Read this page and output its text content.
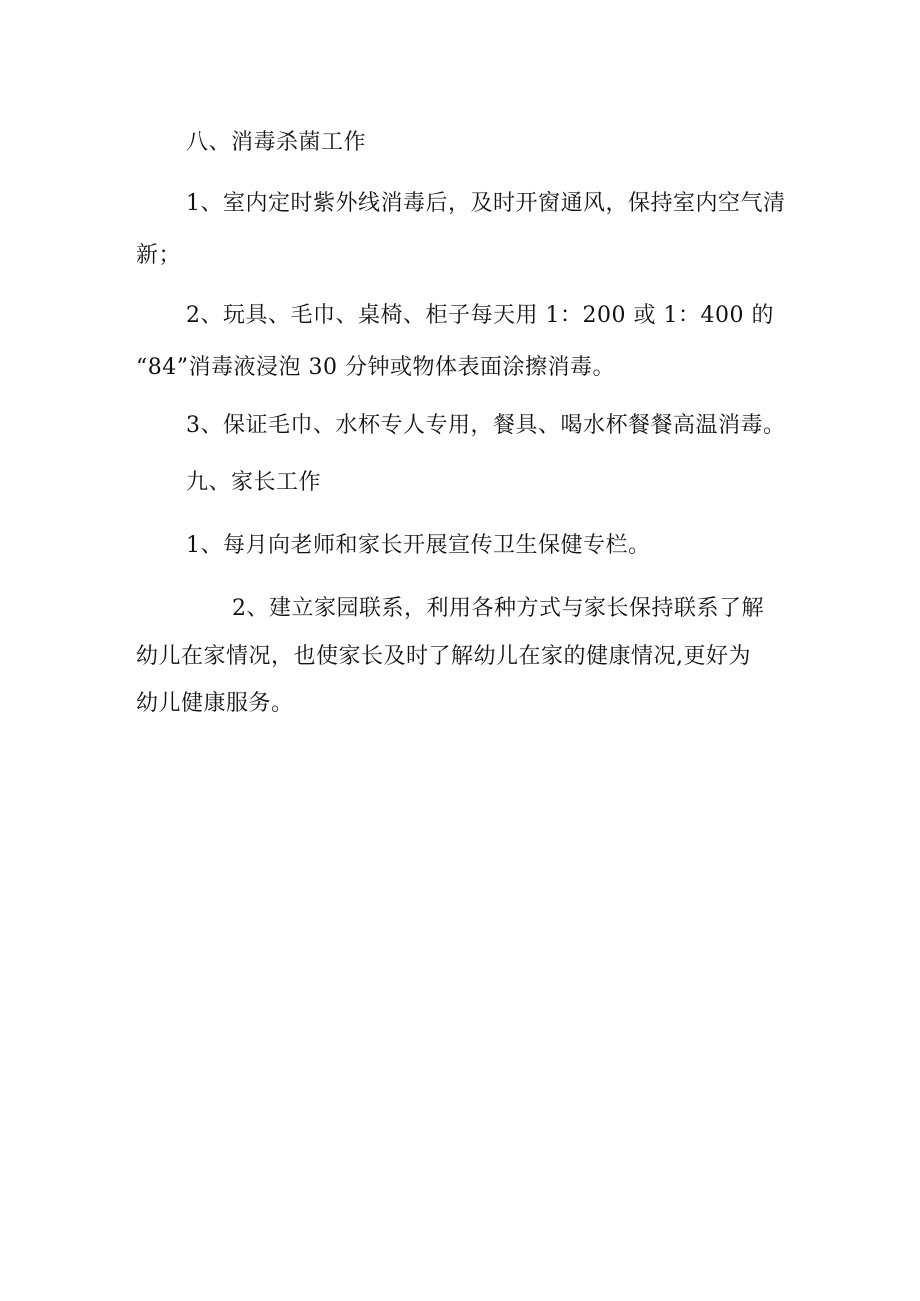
八、消毒杀菌工作
1、室内定时紫外线消毒后，及时开窗通风，保持室内空气清
新；
2、玩具、毛巾、桌椅、柜子每天用 1：200 或 1：400 的
“84”消毒液浸泡 30 分钟或物体表面涂擦消毒。
3、保证毛巾、水杯专人专用，餐具、喝水杯餐餐高温消毒。
九、家长工作
1、每月向老师和家长开展宣传卫生保健专栏。
2、建立家园联系，利用各种方式与家长保持联系了解
幼儿在家情况，也使家长及时了解幼儿在家的健康情况,更好为
幼儿健康服务。
